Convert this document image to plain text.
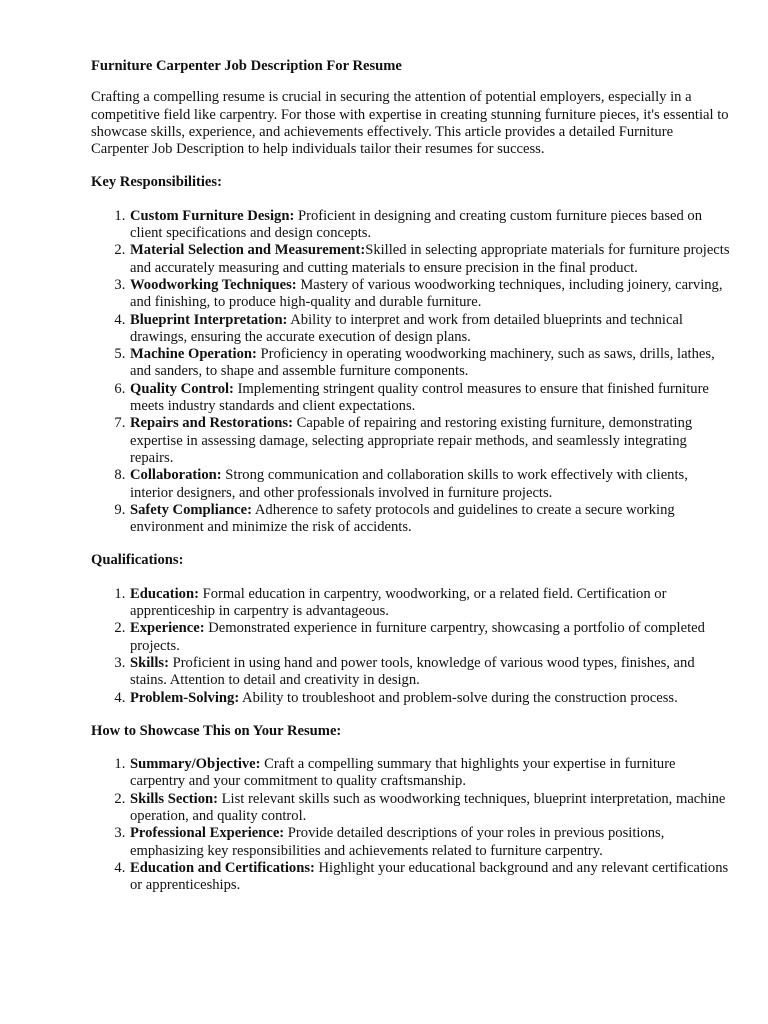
Furniture Carpenter Job Description For Resume

Crafting a compelling resume is crucial in securing the attention of potential employers, especially in a competitive field like carpentry. For those with expertise in creating stunning furniture pieces, it's essential to showcase skills, experience, and achievements effectively. This article provides a detailed Furniture Carpenter Job Description to help individuals tailor their resumes for success.

Key Responsibilities:
1. Custom Furniture Design: Proficient in designing and creating custom furniture pieces based on client specifications and design concepts.
2. Material Selection and Measurement:Skilled in selecting appropriate materials for furniture projects and accurately measuring and cutting materials to ensure precision in the final product.
3. Woodworking Techniques: Mastery of various woodworking techniques, including joinery, carving, and finishing, to produce high-quality and durable furniture.
4. Blueprint Interpretation: Ability to interpret and work from detailed blueprints and technical drawings, ensuring the accurate execution of design plans.
5. Machine Operation: Proficiency in operating woodworking machinery, such as saws, drills, lathes, and sanders, to shape and assemble furniture components.
6. Quality Control: Implementing stringent quality control measures to ensure that finished furniture meets industry standards and client expectations.
7. Repairs and Restorations: Capable of repairing and restoring existing furniture, demonstrating expertise in assessing damage, selecting appropriate repair methods, and seamlessly integrating repairs.
8. Collaboration: Strong communication and collaboration skills to work effectively with clients, interior designers, and other professionals involved in furniture projects.
9. Safety Compliance: Adherence to safety protocols and guidelines to create a secure working environment and minimize the risk of accidents.
Qualifications:
1. Education: Formal education in carpentry, woodworking, or a related field. Certification or apprenticeship in carpentry is advantageous.
2. Experience: Demonstrated experience in furniture carpentry, showcasing a portfolio of completed projects.
3. Skills: Proficient in using hand and power tools, knowledge of various wood types, finishes, and stains. Attention to detail and creativity in design.
4. Problem-Solving: Ability to troubleshoot and problem-solve during the construction process.
How to Showcase This on Your Resume:
1. Summary/Objective: Craft a compelling summary that highlights your expertise in furniture carpentry and your commitment to quality craftsmanship.
2. Skills Section: List relevant skills such as woodworking techniques, blueprint interpretation, machine operation, and quality control.
3. Professional Experience: Provide detailed descriptions of your roles in previous positions, emphasizing key responsibilities and achievements related to furniture carpentry.
4. Education and Certifications: Highlight your educational background and any relevant certifications or apprenticeships.
